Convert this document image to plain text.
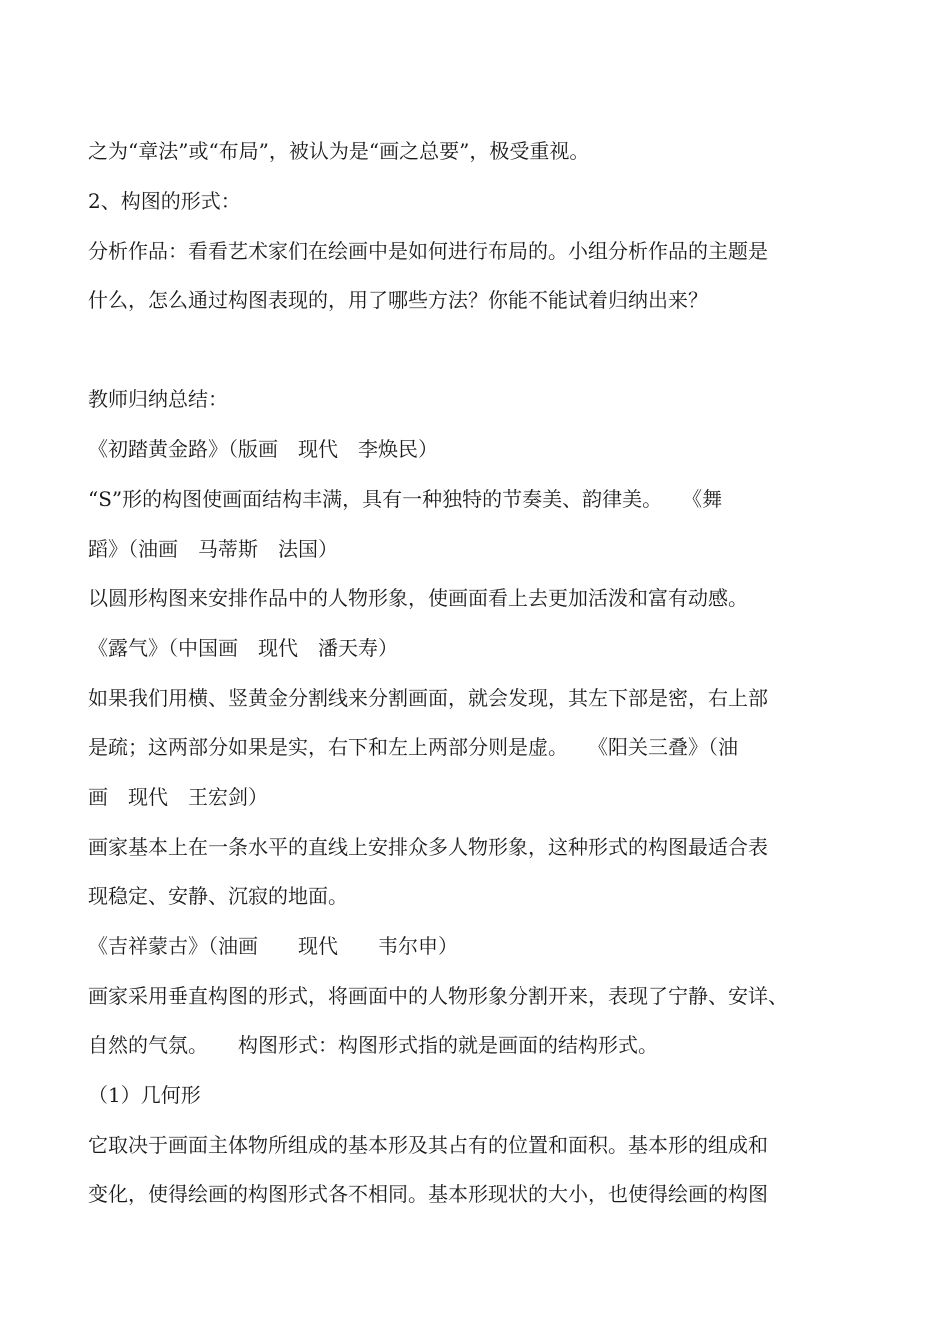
之为“章法”或“布局”，被认为是“画之总要”，极受重视。

2、构图的形式：

分析作品：看看艺术家们在绘画中是如何进行布局的。小组分析作品的主题是

什么，怎么通过构图表现的，用了哪些方法？你能不能试着归纳出来？

教师归纳总结：

《初踏黄金路》（版画　现代　李焕民）

“S”形的构图使画面结构丰满，具有一种独特的节奏美、韵律美。　　《舞

蹈》（油画　马蒂斯　法国）

以圆形构图来安排作品中的人物形象，使画面看上去更加活泼和富有动感。

《露气》（中国画　现代　潘天寿）

如果我们用横、竖黄金分割线来分割画面，就会发现，其左下部是密，右上部

是疏；这两部分如果是实，右下和左上两部分则是虚。　　《阳关三叠》（油

画　现代　王宏剑）

画家基本上在一条水平的直线上安排众多人物形象，这种形式的构图最适合表

现稳定、安静、沉寂的地面。

《吉祥蒙古》（油画　　现代　　韦尔申）

画家采用垂直构图的形式，将画面中的人物形象分割开来，表现了宁静、安详、

自然的气氛。　　构图形式：构图形式指的就是画面的结构形式。

（1）几何形

它取决于画面主体物所组成的基本形及其占有的位置和面积。基本形的组成和

变化，使得绘画的构图形式各不相同。基本形现状的大小，也使得绘画的构图
